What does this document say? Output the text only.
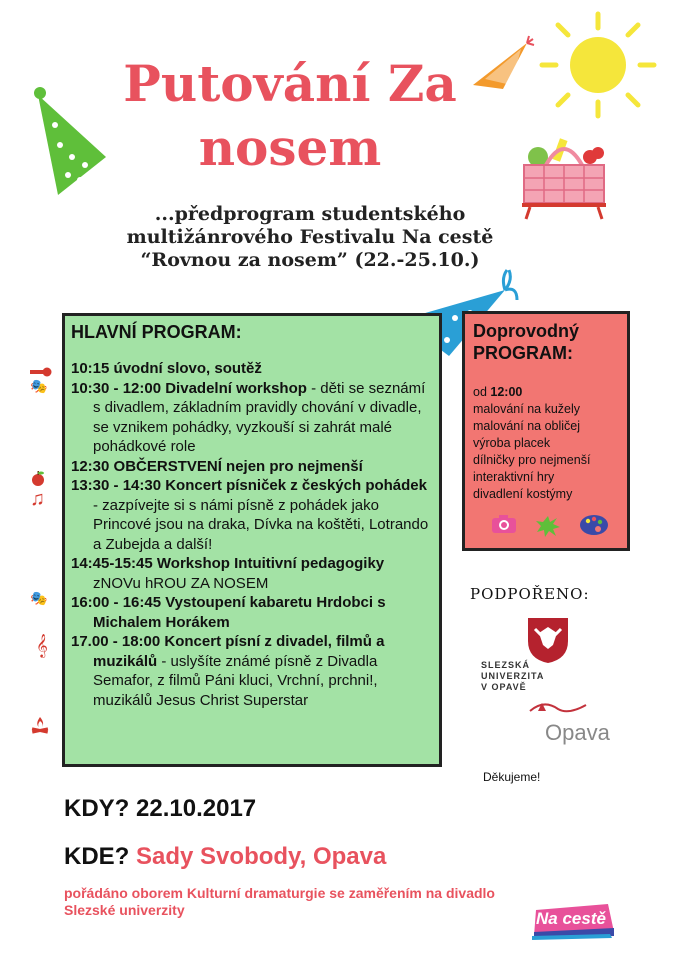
Putování Za
nosem
...předprogram studentského
multižánrového Festivalu Na cestě
“Rovnou za nosem” (22.-25.10.)
🎭
♫
🎭
𝄞
HLAVNÍ PROGRAM:

10:15 úvodní slovo, soutěž

10:30 - 12:00 Divadelní workshop - děti se seznámí s divadlem, základním pravidly chování v divadle, se vznikem pohádky, vyzkouší si zahrát malé pohádkové role

12:30 OBČERSTVENÍ nejen pro nejmenší

13:30 - 14:30 Koncert písniček z českých pohádek - zazpívejte si s námi písně z pohádek jako Princové jsou na draka, Dívka na koštěti, Lotrando a Zubejda a další!

14:45-15:45 Workshop Intuitivní pedagogiky zNOVu hROU ZA NOSEM

16:00 - 16:45 Vystoupení kabaretu Hrdobci s Michalem Horákem

17.00 - 18:00 Koncert písní z divadel, filmů a muzikálů - uslyšíte známé písně z Divadla Semafor, z filmů Páni kluci, Vrchní, prchni!, muzikálů Jesus Christ Superstar

Doprovodný
PROGRAM:

od 12:00

malování na kužely

malování na obličej

výroba placek

dílničky pro nejmenší

interaktivní hry

divadlení kostýmy

PODPOŘENO:
SLEZSKÁ
UNIVERZITA
V OPAVĚ
Opava
Děkujeme!
KDY? 22.10.2017
KDE? Sady Svobody, Opava
pořádáno oborem Kulturní dramaturgie se zaměřením na divadlo
Slezské univerzity	Na cestě
